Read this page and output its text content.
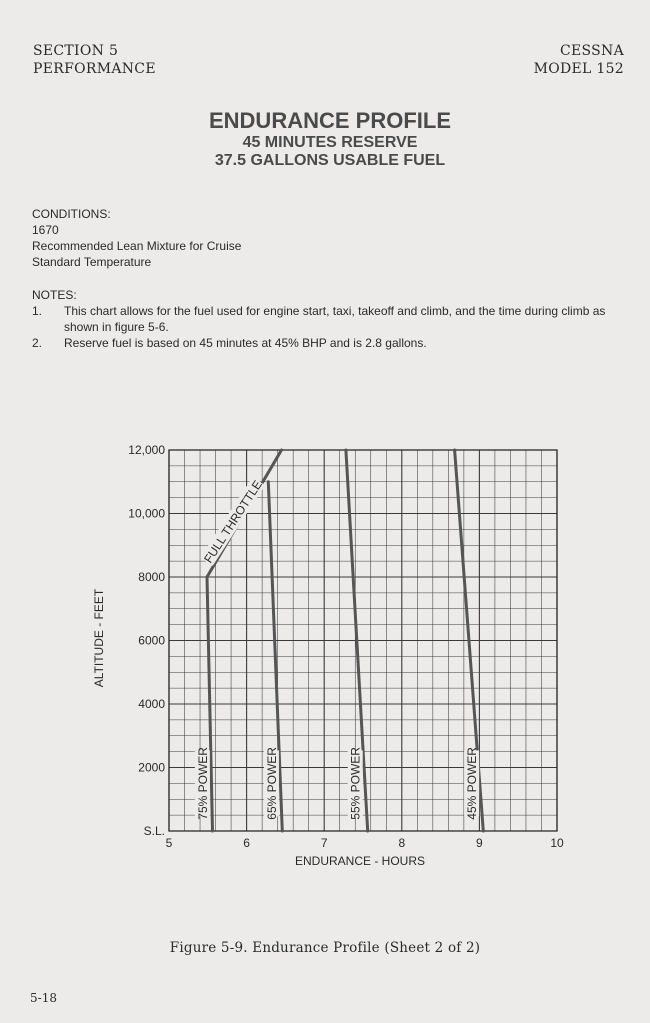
SECTION 5
PERFORMANCE
CESSNA
MODEL 152
ENDURANCE PROFILE
45 MINUTES RESERVE
37.5 GALLONS USABLE FUEL
CONDITIONS:
1670
Recommended Lean Mixture for Cruise
Standard Temperature
NOTES:
1.	This chart allows for the fuel used for engine start, taxi, takeoff and climb, and the time during climb as shown in figure 5-6.
2.	Reserve fuel is based on 45 minutes at 45% BHP and is 2.8 gallons.
75% POWER
FULL THROTTLE
65% POWER	55% POWER	45% POWER
5	6	7	8	9	10
S.L.
2000
4000
6000
8000
10,000
12,000
ENDURANCE - HOURS
ALTITUDE - FEET
Figure 5-9. Endurance Profile (Sheet 2 of 2)
5-18
